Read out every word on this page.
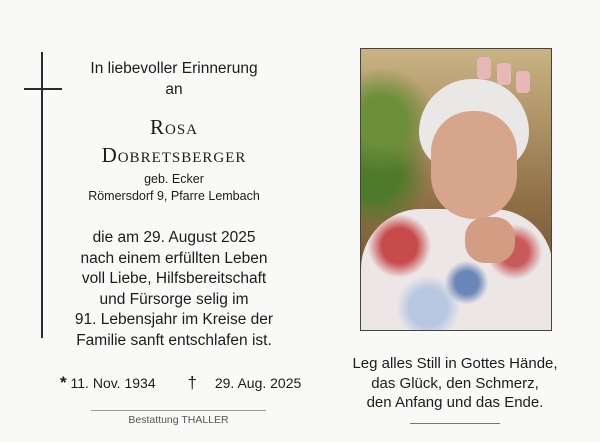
In liebevoller Erinnerung
an
Rosa
Dobretsberger
geb. Ecker
Römersdorf 9, Pfarre Lembach
die am 29. August 2025
nach einem erfüllten Leben
voll Liebe, Hilfsbereitschaft
und Fürsorge selig im
91. Lebensjahr im Kreise der
Familie sanft entschlafen ist.
* 11. Nov. 1934 † 29. Aug. 2025
Bestattung THALLER
Leg alles Still in Gottes Hände,
das Glück, den Schmerz,
den Anfang und das Ende.
